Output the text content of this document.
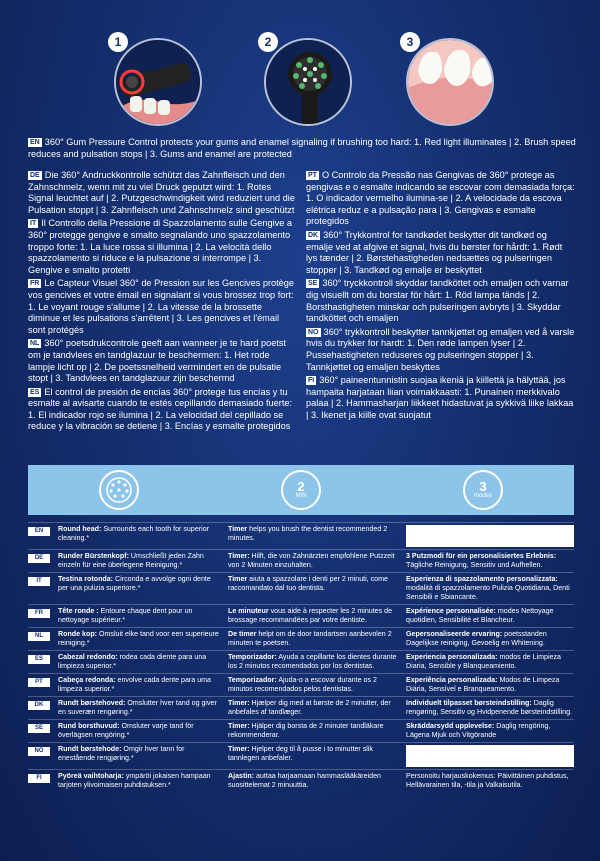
1	2	3
EN 360° Gum Pressure Control protects your gums and enamel signaling if brushing too hard: 1. Red light illuminates | 2. Brush speed reduces and pulsation stops | 3. Gums and enamel are protected

DE Die 360° Andruckkontrolle schützt das Zahnfleisch und den Zahnschmelz, wenn mit zu viel Druck geputzt wird: 1. Rotes Signal leuchtet auf | 2. Putzgeschwindigkeit wird reduziert und die Pulsation stoppt | 3. Zahnfleisch und Zahnschmelz sind geschützt

IT Il Controllo della Pressione di Spazzolamento sulle Gengive a 360° protegge gengive e smalto segnalando uno spazzolamento troppo forte: 1. La luce rossa si illumina | 2. La velocità dello spazzolamento si riduce e la pulsazione si interrompe | 3. Gengive e smalto protetti

FR Le Capteur Visuel 360° de Pression sur les Gencives protège vos gencives et votre émail en signalant si vous brossez trop fort: 1. Le voyant rouge s'allume | 2. La vitesse de la brossette diminue et les pulsations s'arrêtent | 3. Les gencives et l'émail sont protégés

NL 360° poetsdrukcontrole geeft aan wanneer je te hard poetst om je tandvlees en tandglazuur te beschermen: 1. Het rode lampje licht op | 2. De poetssnelheid vermindert en de pulsatie stopt | 3. Tandvlees en tandglazuur zijn beschermd

ES El control de presión de encías 360° protege tus encías y tu esmalte al avisarte cuando te estés cepillando demasiado fuerte: 1. El indicador rojo se ilumina | 2. La velocidad del cepillado se reduce y la vibración se detiene | 3. Encías y esmalte protegidos

PT O Controlo da Pressão nas Gengivas de 360° protege as gengivas e o esmalte indicando se escovar com demasiada força: 1. O indicador vermelho ilumina-se | 2. A velocidade da escova elétrica reduz e a pulsação para | 3. Gengivas e esmalte protegidos

DK 360° Trykkontrol for tandkødet beskytter dit tandkød og emalje ved at afgive et signal, hvis du børster for hårdt: 1. Rødt lys tænder | 2. Børstehastigheden nedsættes og pulseringen stopper | 3. Tandkød og emalje er beskyttet

SE 360° tryckkontroll skyddar tandköttet och emaljen och varnar dig visuellt om du borstar för hårt: 1. Röd lampa tänds | 2. Borsthastigheten minskar och pulseringen avbryts | 3. Skyddar tandköttet och emaljen

NO 360° trykkontroll beskytter tannkjøttet og emaljen ved å varsle hvis du trykker for hardt: 1. Den røde lampen lyser | 2. Pussehastigheten reduseres og pulseringen stopper | 3. Tannkjøttet og emaljen beskyttes

FI 360° paineentunnistin suojaa ikeniä ja kiillettä ja hälyttää, jos hampaita harjataan liian voimakkaasti: 1. Punainen merkkivalo palaa | 2. Hammasharjan liikkeet hidastuvat ja sykkivä liike lakkaa | 3. Ikenet ja kiille ovat suojatut

2
MIN
3
modes
EN	Round head: Surrounds each tooth for superior cleaning.*
Timer helps you brush the dentist recommended 2 minutes.
DE	Runder Bürstenkopf: Umschließt jeden Zahn einzeln für eine überlegene Reinigung.*
Timer: Hilft, die von Zahnärzten empfohlene Putzzeit von 2 Minuten einzuhalten.
3 Putzmodi für ein personalisiertes Erlebnis: Tägliche Reinigung, Sensitiv und Aufhellen.
IT	Testina rotonda: Circonda e avvolge ogni dente per una pulizia superiore.*
Timer aiuta a spazzolare i denti per 2 minuti, come raccomandato dal tuo dentista.
Esperienza di spazzolamento personalizzata: modalità di spazzolamento Pulizia Quotidiana, Denti Sensibili e Sbiancante.
FR	Tête ronde : Entoure chaque dent pour un nettoyage supérieur.*
Le minuteur vous aide à respecter les 2 minutes de brossage recommandées par votre dentiste.
Expérience personnalisée: modes Nettoyage quotidien, Sensibilité et Blancheur.
NL	Ronde kop: Omsluit elke tand voor een superieure reiniging.*
De timer helpt om de door tandartsen aanbevolen 2 minuten te poetsen.
Gepersonaliseerde ervaring: poetsstanden Dagelijkse reiniging, Gevoelig en Whitening.
ES	Cabezal redondo: rodea cada diente para una limpieza superior.*
Temporizador: Ayuda a cepillarte los dientes durante los 2 minutos recomendados por los dentistas.
Experiencia personalizada: modos de Limpieza Diaria, Sensible y Blanqueamiento.
PT	Cabeça redonda: envolve cada dente para uma limpeza superior.*
Temporizador: Ajuda-o a escovar durante os 2 minutos recomendados pelos dentistas.
Experiência personalizada: Modos de Limpeza Diária, Sensível e Branqueamento.
DK	Rundt børstehoved: Omslutter hver tand og giver en suveræn rengøring.*
Timer: Hjælper dig med at børste de 2 minutter, der anbefales af tandlæger.
Individuelt tilpasset børsteindstilling: Daglig rengøring, Sensitiv og Hvidpenende børsteindstilling.
SE	Rund borsthuvud: Omsluter varje tand för överlägsen rengöring.*
Timer: Hjälper dig borsta de 2 minuter tandläkare rekommenderar.
Skräddarsydd upplevelse: Daglig rengöring, Lägena Mjuk och Vitgörande
NO	Rundt børstehode: Omgir hver tann for enestående rengjøring.*
Timer: Hjelper deg til å pusse i to minutter slik tannlegen anbefaler.
FI	Pyöreä vaihtoharja: ympäröi jokaisen hampaan tarjoten ylivoimaisen puhdistuksen.*
Ajastin: auttaa harjaamaan hammaslääkäreiden suosittelemat 2 minuuttia.
Personoitu harjauskokemus: Päivittäinen puhdistus, Hellävarainen tila, -tila ja Valkaisutila.
